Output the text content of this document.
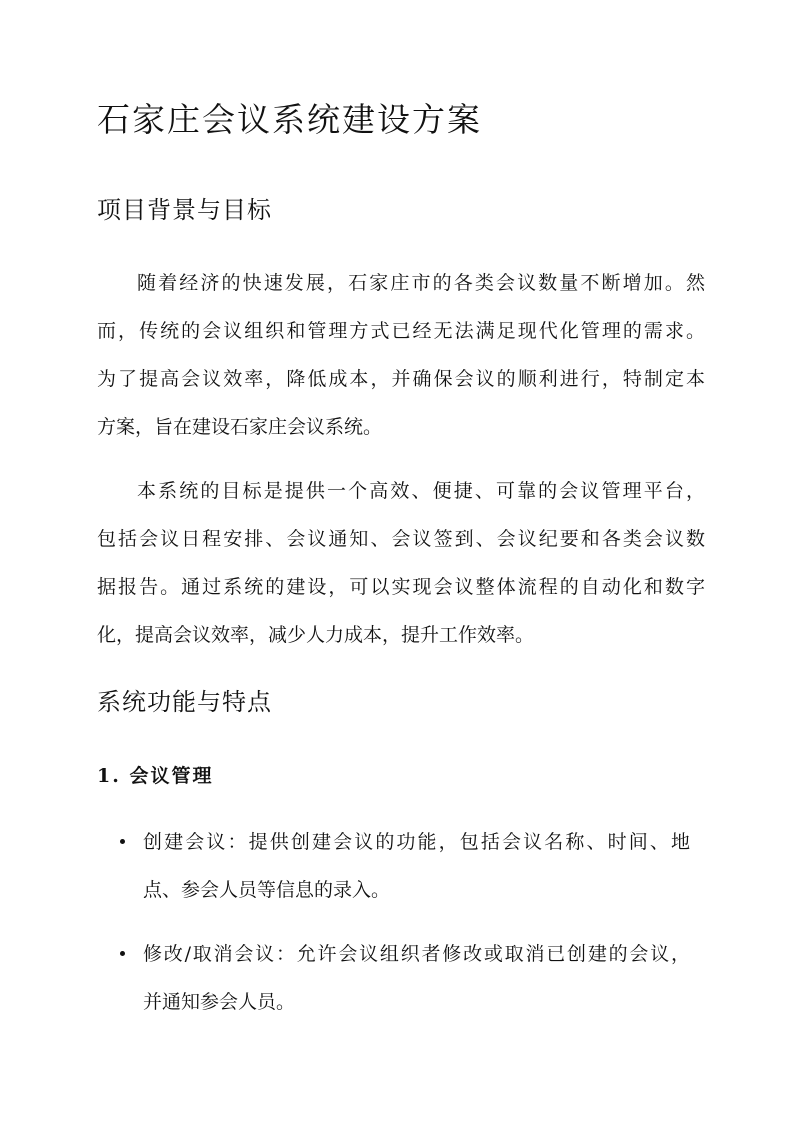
石家庄会议系统建设方案
项目背景与目标
随着经济的快速发展，石家庄市的各类会议数量不断增加。然
而，传统的会议组织和管理方式已经无法满足现代化管理的需求。
为了提高会议效率，降低成本，并确保会议的顺利进行，特制定本
方案，旨在建设石家庄会议系统。
本系统的目标是提供一个高效、便捷、可靠的会议管理平台，
包括会议日程安排、会议通知、会议签到、会议纪要和各类会议数
据报告。通过系统的建设，可以实现会议整体流程的自动化和数字
化，提高会议效率，减少人力成本，提升工作效率。
系统功能与特点
1. 会议管理
创建会议：提供创建会议的功能，包括会议名称、时间、地
点、参会人员等信息的录入。
修改/取消会议：允许会议组织者修改或取消已创建的会议，
并通知参会人员。
